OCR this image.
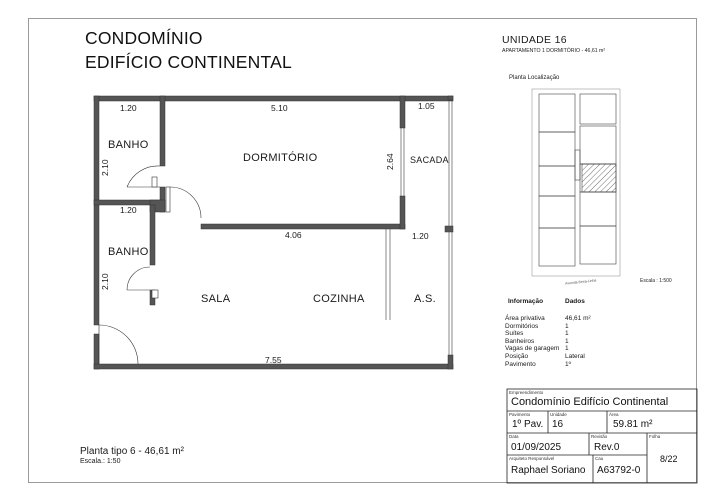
CONDOMÍNIO
EDIFÍCIO CONTINENTAL
BANHO
DORMITÓRIO	SACADA
BANHO
SALA	COZINHA	A.S.
1.20	5.10	1.05
2.10	2.64
1.20
4.06	1.20
2.10
7.55
Planta tipo 6 - 46,61 m²
Escala.: 1:50
UNIDADE 16
APARTAMENTO 1 DORMITÓRIO - 46,61 m²
Planta Localização
Avenida Beira-Linha	Escala : 1:500
Informação	Dados
Área privativa	46,61 m²
Dormitórios	1
Suítes	1
Banheiros	1
Vagas de garagem 1
Posição	Lateral
Pavimento	1º
Empreendimento
Condomínio Edifício Continental
Pavimento
1º Pav.
Unidade
16
Área
59.81 m²
Data
01/09/2025
Revisão
Rev.0
Folha
8/22
Arquiteto Responsável
Raphael Soriano
Cau
A63792-0
